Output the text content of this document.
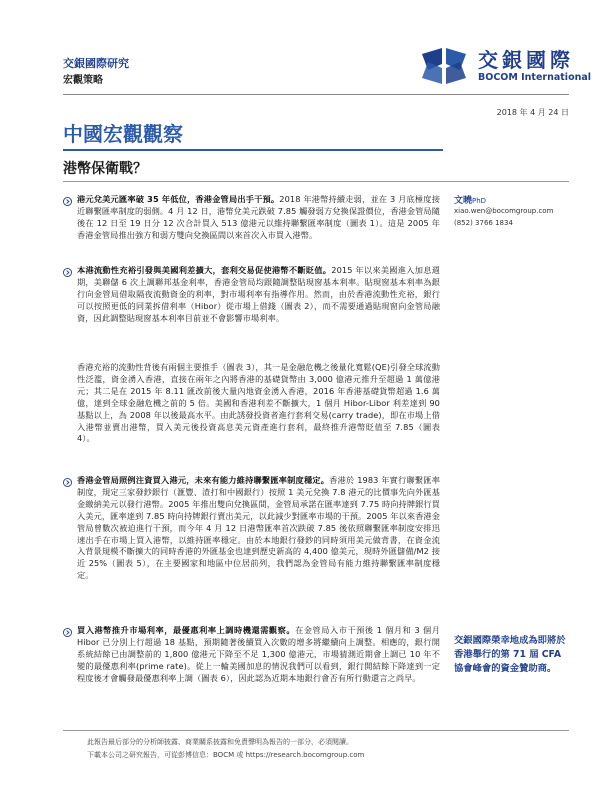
交銀國際研究
宏觀策略
交銀國際
BOCOM International
2018 年 4 月 24 日
中國宏觀觀察
港幣保衛戰？
港元兌美元匯率破 35 年低位，香港金管局出手干預。2018 年港幣持續走弱，並在 3 月底極度接近聯繫匯率制度的弱側。4 月 12 日，港幣兌美元跌破 7.85 觸發弱方兌換保證價位，香港金管局隨後在 12 日至 19 日分 12 次合計買入 513 億港元以維持聯繫匯率制度（圖表 1）。這是 2005 年香港金管局推出強方和弱方雙向兌換區間以來首次入市買入港幣。
本港流動性充裕引發與美國利差擴大，套利交易促使港幣不斷貶值。2015 年以來美國進入加息週期，美聯儲 6 次上調聯邦基金利率，香港金管局均跟隨調整貼現窗基本利率。貼現窗基本利率為銀行向金管局借取隔夜流動資金的利率，對市場利率有指導作用。然而，由於香港流動性充裕，銀行可以按照更低的同業拆借利率（Hibor）從市場上借錢（圖表 2），而不需要通過貼現窗向金管局融資，因此調整貼現窗基本利率目前並不會影響市場利率。
香港充裕的流動性背後有兩個主要推手（圖表 3），其一是金融危機之後量化寬鬆(QE)引發全球流動性泛濫，資金湧入香港，直接在兩年之內將香港的基礎貨幣由 3,000 億港元推升至超過 1 萬億港元；其二是在 2015 年 8.11 匯改前後大量內地資金湧入香港，2016 年香港基礎貨幣超過 1.6 萬億，達到全球金融危機之前的 5 倍。美國和香港利差不斷擴大，1 個月 Hibor-Libor 利差達到 90 基點以上，為 2008 年以後最高水平。由此誘發投資者進行套利交易(carry trade)，即在市場上借入港幣並賣出港幣，買入美元後投資高息美元資產進行套利，最終推升港幣貶值至 7.85（圖表 4）。
香港金管局照例注資買入港元，未來有能力維持聯繫匯率制度穩定。香港於 1983 年實行聯繫匯率制度，規定三家發鈔銀行（滙豐、渣打和中國銀行）按照 1 美元兌換 7.8 港元的比價事先向外匯基金繳納美元以發行港幣。2005 年推出雙向兌換區間，金管局承諾在匯率達到 7.75 時向持牌銀行買入美元，匯率達到 7.85 時向持牌銀行賣出美元，以此減少對匯率市場的干預。2005 年以來香港金管局曾數次被迫進行干預，而今年 4 月 12 日港幣匯率首次跌破 7.85 後依照聯繫匯率制度安排迅速出手在市場上買入港幣，以維持匯率穩定。由於本地銀行發鈔的同時須用美元做背書，在資金流入背景規模不斷擴大的同時香港的外匯基金也達到歷史新高的 4,400 億美元，現時外匯儲備/M2 接近 25%（圖表 5），在主要國家和地區中位居前列，我們認為金管局有能力維持聯繫匯率制度穩定。
買入港幣推升市場利率，最優惠利率上調時機還需觀察。在金管局入市干預後 1 個月和 3 個月 Hibor 已分別上行超過 18 基點，預期隨著後續買入次數的增多將繼續向上調整。相應的，銀行開系統結餘已由調整前的 1,800 億港元下降至不足 1,300 億港元，市場猜測近期會上調已 10 年不變的最優惠利率(prime rate)。從上一輪美國加息的情況我們可以看到，銀行開結餘下降達到一定程度後才會觸發最優惠利率上調（圖表 6），因此認為近期本地銀行會否有所行動還言之尚早。
文曉PhD
xiao.wen@bocomgroup.com
(852) 3766 1834
交銀國際榮幸地成為即將於香港舉行的第 71 屆 CFA 協會峰會的資金贊助商。
此報告最后部分的分析師披露、商業關系披露和免責聲明為報告的一部分，必須閱讀。
下載本公司之研究報告，可從彭博信息：BOCM 或 https://research.bocomgroup.com
